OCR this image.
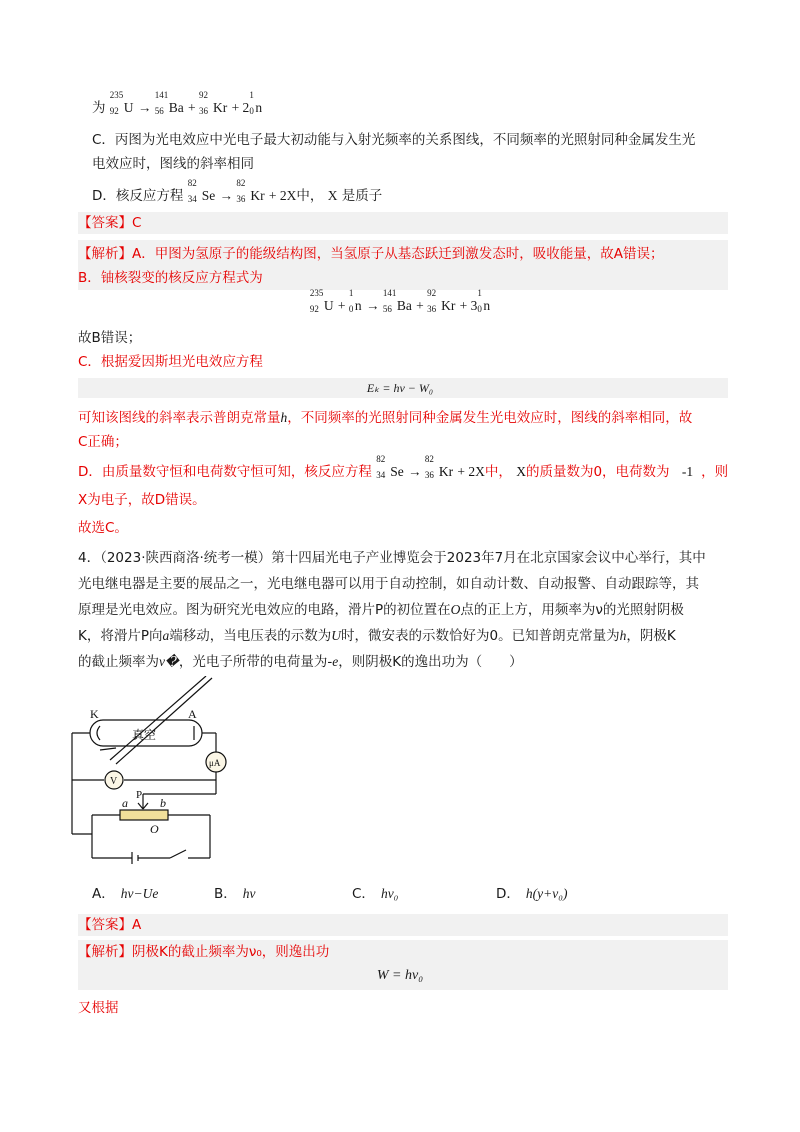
为
235
92 U →
141
56 Ba +
92
36 Kr + 2
1
0 n
C．丙图为光电效应中光电子最大初动能与入射光频率的关系图线，不同频率的光照射同种金属发生光
电效应时，图线的斜率相同
D．核反应方程
82
34 Se →
82
36 Kr + 2X中， X 是质子
【答案】C
【解析】A．甲图为氢原子的能级结构图，当氢原子从基态跃迁到激发态时，吸收能量，故A错误；
B．铀核裂变的核反应方程式为
235
92 U +
1
0 n →
141
56 Ba +
92
36 Kr + 3
1
0 n
故B错误；
C．根据爱因斯坦光电效应方程
Eₖ = hν − W₀
可知该图线的斜率表示普朗克常量h，不同频率的光照射同种金属发生光电效应时，图线的斜率相同，故
C正确；
D．由质量数守恒和电荷数守恒可知，核反应方程
82
34 Se →
82
36 Kr + 2X中， X的质量数为0，电荷数为 -1 ，则
X为电子，故D错误。
故选C。
4．（2023·陕西商洛·统考一模）第十四届光电子产业博览会于2023年7月在北京国家会议中心举行，其中
光电继电器是主要的展品之一，光电继电器可以用于自动控制，如自动计数、自动报警、自动跟踪等，其
原理是光电效应。图为研究光电效应的电路，滑片P的初位置在O点的正上方，用频率为ν的光照射阴极
K，将滑片P向a端移动，当电压表的示数为U时，微安表的示数恰好为0。已知普朗克常量为h，阴极K
的截止频率为ν�，光电子所带的电荷量为-e，则阴极K的逸出功为（　　）
K	A
真空
μA
V
P
a	b
O
A． hν−Ue	B． hν	C． hν₀	D． h(y+ν₀)
【答案】A
【解析】阴极K的截止频率为ν₀，则逸出功
W = hν₀
又根据
